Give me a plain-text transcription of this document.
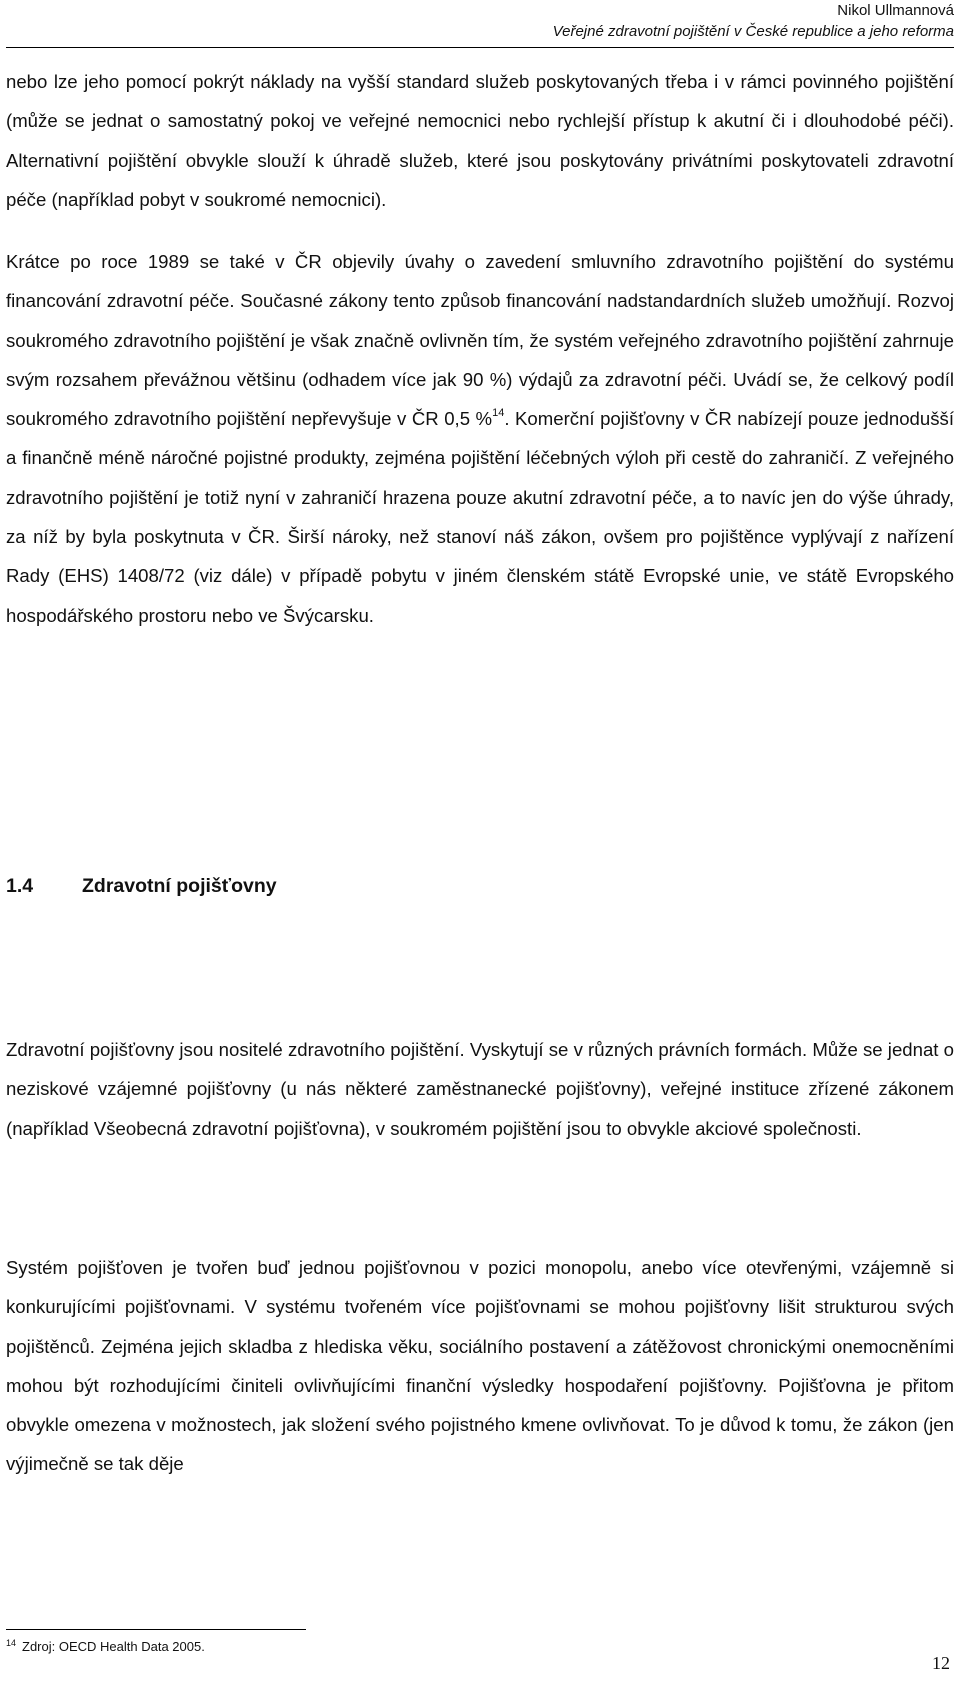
Nikol Ullmannová
Veřejné zdravotní pojištění v České republice a jeho reforma

nebo lze jeho pomocí pokrýt náklady na vyšší standard služeb poskytovaných třeba i v rámci povinného pojištění (může se jednat o samostatný pokoj ve veřejné nemocnici nebo rychlejší přístup k akutní či i dlouhodobé péči). Alternativní pojištění obvykle slouží k úhradě služeb, které jsou poskytovány privátními poskytovateli zdravotní péče (například pobyt v soukromé nemocnici).

Krátce po roce 1989 se také v ČR objevily úvahy o zavedení smluvního zdravotního pojištění do systému financování zdravotní péče. Současné zákony tento způsob financování nadstandardních služeb umožňují. Rozvoj soukromého zdravotního pojištění je však značně ovlivněn tím, že systém veřejného zdravotního pojištění zahrnuje svým rozsahem převážnou většinu (odhadem více jak 90 %) výdajů za zdravotní péči. Uvádí se, že celkový podíl soukromého zdravotního pojištění nepřevyšuje v ČR 0,5 %$^{14}$. Komerční pojišťovny v ČR nabízejí pouze jednodušší a finančně méně náročné pojistné produkty, zejména pojištění léčebných výloh při cestě do zahraničí. Z veřejného zdravotního pojištění je totiž nyní v zahraničí hrazena pouze akutní zdravotní péče, a to navíc jen do výše úhrady, za níž by byla poskytnuta v ČR. Širší nároky, než stanoví náš zákon, ovšem pro pojištěnce vyplývají z nařízení Rady (EHS) 1408/72 (viz dále) v případě pobytu v jiném členském státě Evropské unie, ve státě Evropského hospodářského prostoru nebo ve Švýcarsku.

1.4	Zdravotní pojišťovny

Zdravotní pojišťovny jsou nositelé zdravotního pojištění. Vyskytují se v různých právních formách. Může se jednat o neziskové vzájemné pojišťovny (u nás některé zaměstnanecké pojišťovny), veřejné instituce zřízené zákonem (například Všeobecná zdravotní pojišťovna), v soukromém pojištění jsou to obvykle akciové společnosti.

Systém pojišťoven je tvořen buď jednou pojišťovnou v pozici monopolu, anebo více otevřenými, vzájemně si konkurujícími pojišťovnami. V systému tvořeném více pojišťovnami se mohou pojišťovny lišit strukturou svých pojištěnců. Zejména jejich skladba z hlediska věku, sociálního postavení a zátěžovost chronickými onemocněními mohou být rozhodujícími činiteli ovlivňujícími finanční výsledky hospodaření pojišťovny. Pojišťovna je přitom obvykle omezena v možnostech, jak složení svého pojistného kmene ovlivňovat. To je důvod k tomu, že zákon (jen výjimečně se tak děje

$^{14}$ Zdroj: OECD Health Data 2005.
12
